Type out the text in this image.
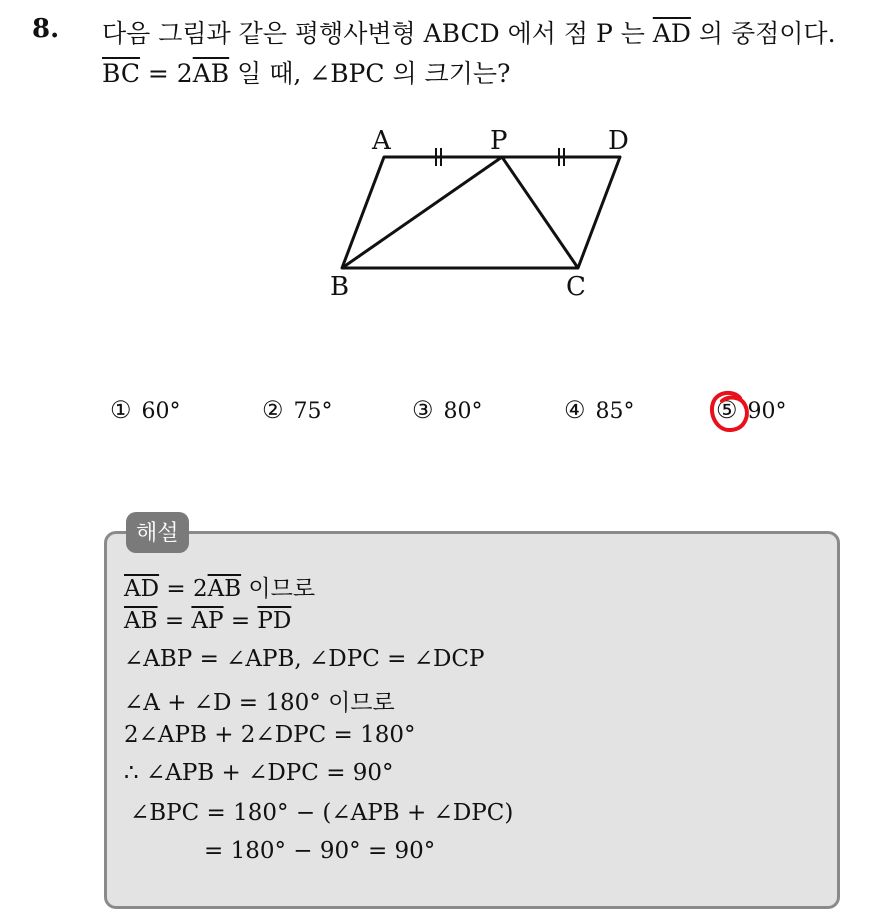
8. 다음 그림과 같은 평행사변형 ABCD 에서 점 P 는 $\overline{AD}$ 의 중점이다.
$\overline{BC} = 2\overline{AB}$ 일 때, ∠BPC 의 크기는?
A	P	D
B	C
① 60°	② 75°	③ 80°	④ 85°	⑤ 90°
해설
$\overline{AD} = 2\overline{AB}$ 이므로
$\overline{AB} = \overline{AP} = \overline{PD}$
∠ABP = ∠APB, ∠DPC = ∠DCP
∠A + ∠D = 180° 이므로
2∠APB + 2∠DPC = 180°
∴ ∠APB + ∠DPC = 90°
∠BPC = 180° − (∠APB + ∠DPC)
= 180° − 90° = 90°
